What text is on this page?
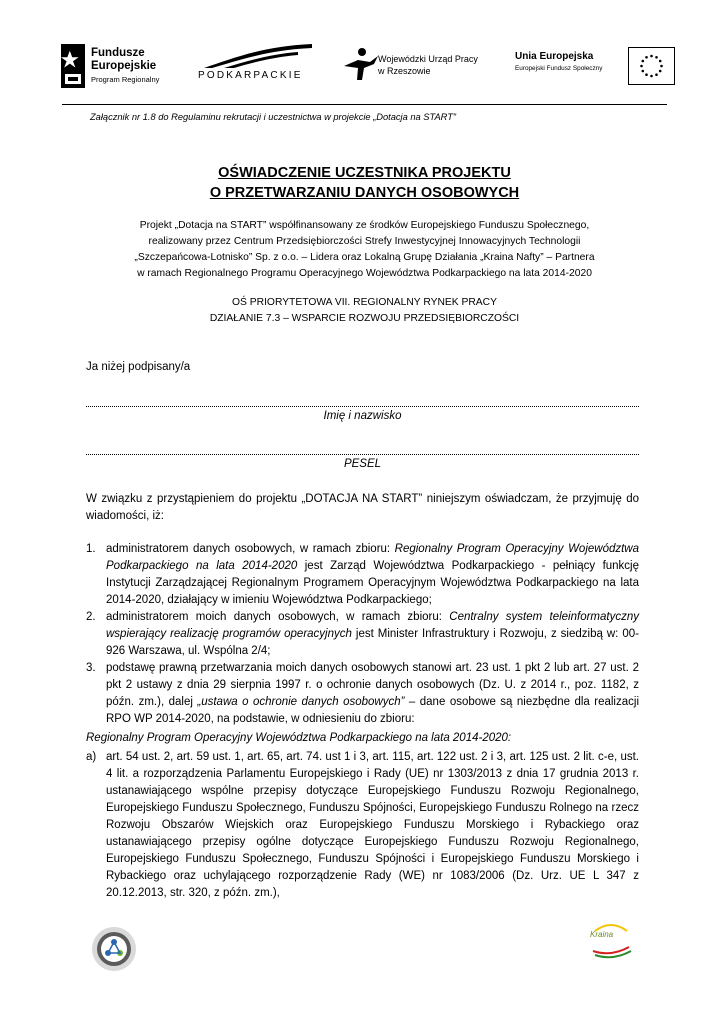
Fundusze
Europejskie
Program Regionalny	PODKARPACKIE
Wojewódzki Urząd Pracy
w Rzeszowie
Unia Europejska
Europejski Fundusz Społeczny
Załącznik nr 1.8 do Regulaminu rekrutacji i uczestnictwa w projekcie „Dotacja na START”
OŚWIADCZENIE UCZESTNIKA PROJEKTU
O PRZETWARZANIU DANYCH OSOBOWYCH
Projekt „Dotacja na START” współfinansowany ze środków Europejskiego Funduszu Społecznego,
realizowany przez Centrum Przedsiębiorczości Strefy Inwestycyjnej Innowacyjnych Technologii
„Szczepańcowa-Lotnisko” Sp. z o.o. – Lidera oraz Lokalną Grupę Działania „Kraina Nafty” – Partnera
w ramach Regionalnego Programu Operacyjnego Województwa Podkarpackiego na lata 2014-2020
OŚ PRIORYTETOWA VII. REGIONALNY RYNEK PRACY
DZIAŁANIE 7.3 – WSPARCIE ROZWOJU PRZEDSIĘBIORCZOŚCI
Ja niżej podpisany/a
Imię i nazwisko
PESEL
W związku z przystąpieniem do projektu „DOTACJA NA START” niniejszym oświadczam, że przyjmuję do wiadomości, iż:
1. administratorem danych osobowych, w ramach zbioru: Regionalny Program Operacyjny Województwa Podkarpackiego na lata 2014-2020 jest Zarząd Województwa Podkarpackiego - pełniący funkcję Instytucji Zarządzającej Regionalnym Programem Operacyjnym Województwa Podkarpackiego na lata 2014-2020, działający w imieniu Województwa Podkarpackiego;
2. administratorem moich danych osobowych, w ramach zbioru: Centralny system teleinformatyczny wspierający realizację programów operacyjnych jest Minister Infrastruktury i Rozwoju, z siedzibą w: 00-926 Warszawa, ul. Wspólna 2/4;
3. podstawę prawną przetwarzania moich danych osobowych stanowi art. 23 ust. 1 pkt 2 lub art. 27 ust. 2 pkt 2 ustawy z dnia 29 sierpnia 1997 r. o ochronie danych osobowych (Dz. U. z 2014 r., poz. 1182, z późn. zm.), dalej „ustawa o ochronie danych osobowych” – dane osobowe są niezbędne dla realizacji RPO WP 2014-2020, na podstawie, w odniesieniu do zbioru:
Regionalny Program Operacyjny Województwa Podkarpackiego na lata 2014-2020:
a) art. 54 ust. 2, art. 59 ust. 1, art. 65, art. 74. ust 1 i 3, art. 115, art. 122 ust. 2 i 3, art. 125 ust. 2 lit. c-e, ust. 4 lit. a rozporządzenia Parlamentu Europejskiego i Rady (UE) nr 1303/2013 z dnia 17 grudnia 2013 r. ustanawiającego wspólne przepisy dotyczące Europejskiego Funduszu Rozwoju Regionalnego, Europejskiego Funduszu Społecznego, Funduszu Spójności, Europejskiego Funduszu Rolnego na rzecz Rozwoju Obszarów Wiejskich oraz Europejskiego Funduszu Morskiego i Rybackiego oraz ustanawiającego przepisy ogólne dotyczące Europejskiego Funduszu Rozwoju Regionalnego, Europejskiego Funduszu Społecznego, Funduszu Spójności i Europejskiego Funduszu Morskiego i Rybackiego oraz uchylającego rozporządzenie Rady (WE) nr 1083/2006 (Dz. Urz. UE L 347 z 20.12.2013, str. 320, z późn. zm.),
Kraina
